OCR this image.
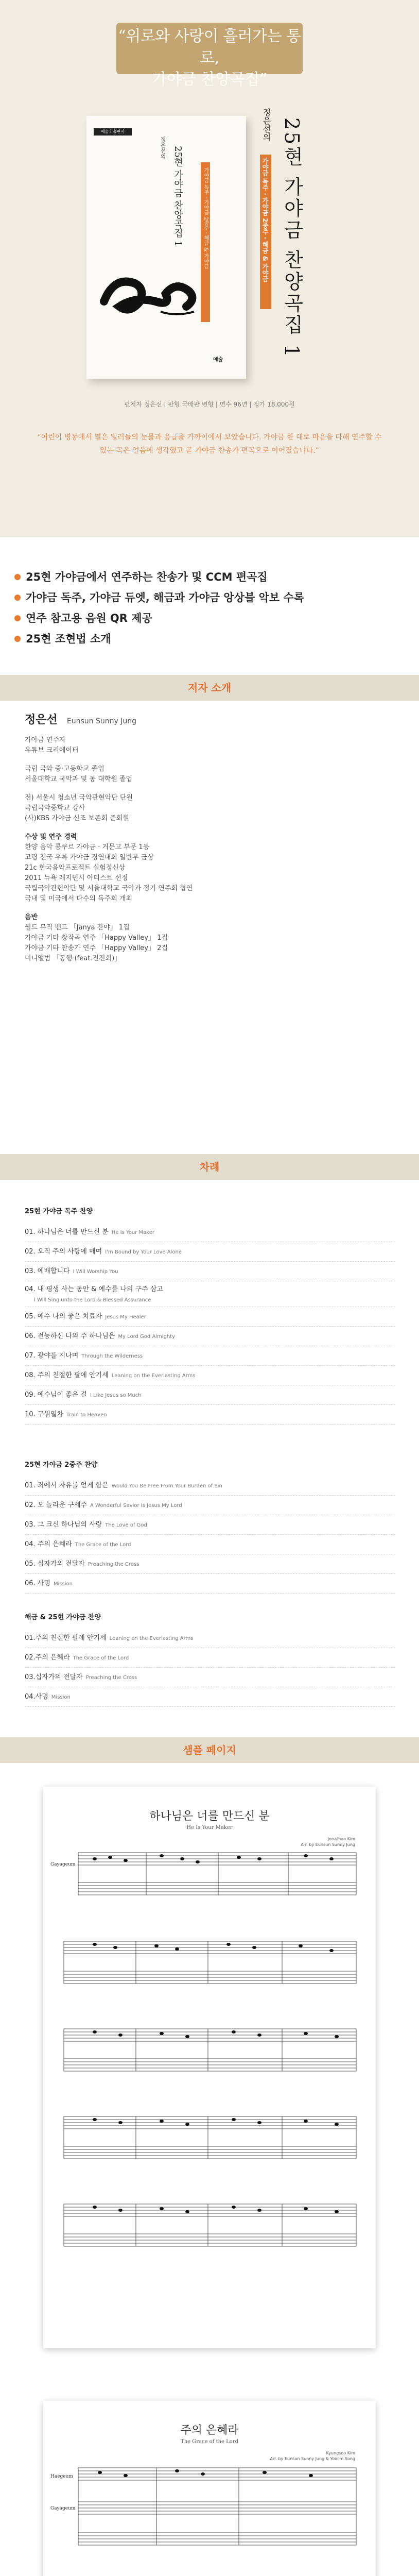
“위로와 사랑이 흘러가는 통로,
가야금 찬양곡집”
예술ㅣ출판사
정은선의 25현 가야금 찬양곡집 1	가야금 독주 · 가야금 2중주 · 해금 & 가야금
예술
정은선의 25현 가야금 찬양곡집 1
가야금 독주 · 가야금 2중주 · 해금 & 가야금
편저자 정은선 | 판형 국배판 변형 | 면수 96면 | 정가 18,000원
“어린이 병동에서 열은 일러들의 눈물과 응급을 가까이에서 보았습니다. 가야금 한 대로 마음을 다해 연주할 수 있는 곡은 얼음에 생각했고 곧 가야금 찬송가 편곡으로 이어졌습니다.”
25현 가야금에서 연주하는 찬송가 및 CCM 편곡집
가야금 독주, 가야금 듀엣, 해금과 가야금 앙상블 악보 수록
연주 참고용 음원 QR 제공
25현 조현법 소개
저자 소개
정은선 Eunsun Sunny Jung
가야금 연주자
유튜브 크리에이터
국립 국악 중·고등학교 졸업
서울대학교 국악과 및 동 대학원 졸업
전) 서울시 청소년 국악관현악단 단원
국립국악중학교 강사
(사)KBS 가야금 신조 보존회 준회원
수상 및 연주 경력
한양 음악 콩쿠르 가야금 · 거문고 부문 1등
고령 전국 우륵 가야금 경연대회 일반부 금상
21c 한국음악프로젝트 실험정신상
2011 뉴욕 레지던시 아티스트 선정
국립국악관현악단 및 서울대학교 국악과 정기 연주회 협연
국내 및 미국에서 다수의 독주회 개최
음반
월드 뮤직 밴드 「Janya 잔야」 1집
가야금 기타 창작곡 연주 「Happy Valley」 1집
가야금 기타 찬송가 연주 「Happy Valley」 2집
미니앨범 「동행 (feat.진진희)」
차례
25현 가야금 독주 찬양
01. 하나님은 너를 만드신 분 He Is Your Maker
02. 오직 주의 사랑에 매여 I'm Bound by Your Love Alone
03. 예배합니다 I Will Worship You
04. 내 평생 사는 동안 & 예수를 나의 구주 삼고
I Will Sing unto the Lord & Blessed Assurance
05. 예수 나의 좋은 치료자 Jesus My Healer
06. 전능하신 나의 주 하나님은 My Lord God Almighty
07. 광야를 지나며 Through the Wilderness
08. 주의 친절한 팔에 안기세 Leaning on the Everlasting Arms
09. 예수님이 좋은 걸 I Like Jesus so Much
10. 구원열차 Train to Heaven
25현 가야금 2중주 찬양
01. 죄에서 자유를 얻게 함은 Would You Be Free From Your Burden of Sin
02. 오 놀라운 구세주 A Wonderful Savior Is Jesus My Lord
03. 그 크신 하나님의 사랑 The Love of God
04. 주의 은혜라 The Grace of the Lord
05. 십자가의 전달자 Preaching the Cross
06. 사명 Mission
해금 & 25현 가야금 찬양
01.주의 친절한 팔에 안기세 Leaning on the Everlasting Arms
02.주의 은혜라 The Grace of the Lord
03.십자가의 전달자 Preaching the Cross
04.사명 Mission
샘플 페이지
하나님은 너를 만드신 분
He Is Your Maker
Jonathan Kim
Arr. by Eunsun Sunny Jung
Gayageum
주의 은혜라
The Grace of the Lord
Kyungsoo Kim
Arr. by Eunsun Sunny Jung & Yoolim Song
Haegeum
Gayageum
